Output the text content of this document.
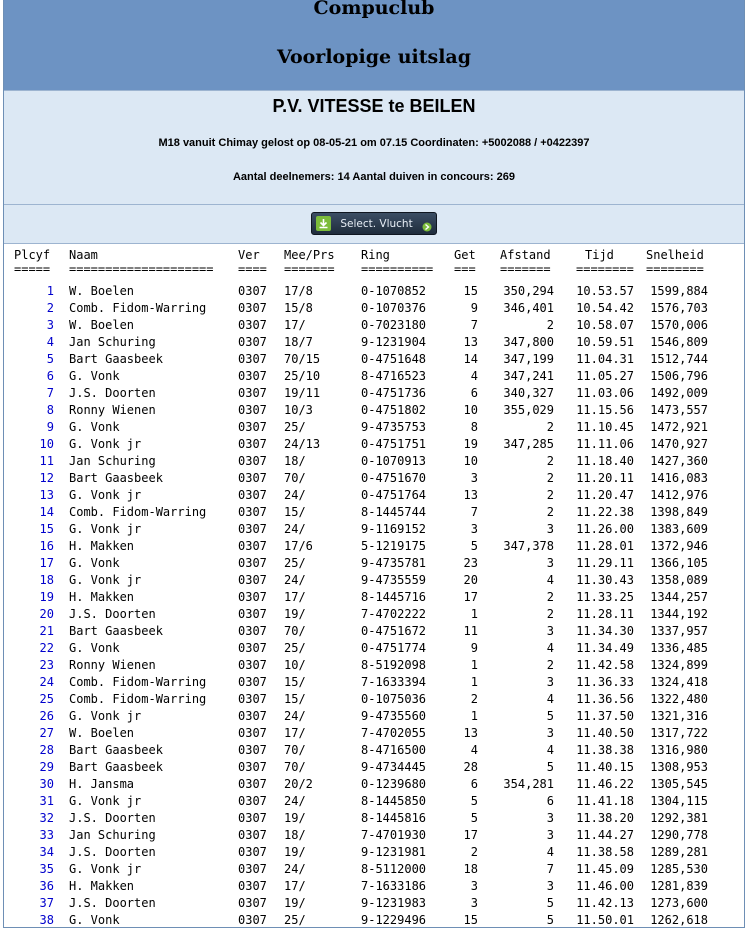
Compuclub
Voorlopige uitslag
P.V. VITESSE te BEILEN
M18 vanuit Chimay gelost op 08-05-21 om 07.15 Coordinaten: +5002088 / +0422397
Aantal deelnemers: 14 Aantal duiven in concours: 269
Select. Vlucht
Plcyf Naam	Ver Mee/Prs Ring	Get Afstand	Tijd	Snelheid
===== ==================== ==== ======= ========== === ======= ======== ========
1 W. Boelen	0307 17/8	0-1070852	15	350,294	10.53.57	1599,884
2 Comb. Fidom-Warring	0307 15/8	0-1070376	9	346,401	10.54.42	1576,703
3 W. Boelen	0307 17/	0-7023180	7	2	10.58.07	1570,006
4 Jan Schuring	0307 18/7	9-1231904	13	347,800	10.59.51	1546,809
5 Bart Gaasbeek	0307 70/15	0-4751648	14	347,199	11.04.31	1512,744
6 G. Vonk	0307 25/10	8-4716523	4	347,241	11.05.27	1506,796
7 J.S. Doorten	0307 19/11	0-4751736	6	340,327	11.03.06	1492,009
8 Ronny Wienen	0307 10/3	0-4751802	10	355,029	11.15.56	1473,557
9 G. Vonk	0307 25/	9-4735753	8	2	11.10.45	1472,921
10 G. Vonk jr	0307 24/13	0-4751751	19	347,285	11.11.06	1470,927
11 Jan Schuring	0307 18/	0-1070913	10	2	11.18.40	1427,360
12 Bart Gaasbeek	0307 70/	0-4751670	3	2	11.20.11	1416,083
13 G. Vonk jr	0307 24/	0-4751764	13	2	11.20.47	1412,976
14 Comb. Fidom-Warring	0307 15/	8-1445744	7	2	11.22.38	1398,849
15 G. Vonk jr	0307 24/	9-1169152	3	3	11.26.00	1383,609
16 H. Makken	0307 17/6	5-1219175	5	347,378	11.28.01	1372,946
17 G. Vonk	0307 25/	9-4735781	23	3	11.29.11	1366,105
18 G. Vonk jr	0307 24/	9-4735559	20	4	11.30.43	1358,089
19 H. Makken	0307 17/	8-1445716	17	2	11.33.25	1344,257
20 J.S. Doorten	0307 19/	7-4702222	1	2	11.28.11	1344,192
21 Bart Gaasbeek	0307 70/	0-4751672	11	3	11.34.30	1337,957
22 G. Vonk	0307 25/	0-4751774	9	4	11.34.49	1336,485
23 Ronny Wienen	0307 10/	8-5192098	1	2	11.42.58	1324,899
24 Comb. Fidom-Warring	0307 15/	7-1633394	1	3	11.36.33	1324,418
25 Comb. Fidom-Warring	0307 15/	0-1075036	2	4	11.36.56	1322,480
26 G. Vonk jr	0307 24/	9-4735560	1	5	11.37.50	1321,316
27 W. Boelen	0307 17/	7-4702055	13	3	11.40.50	1317,722
28 Bart Gaasbeek	0307 70/	8-4716500	4	4	11.38.38	1316,980
29 Bart Gaasbeek	0307 70/	9-4734445	28	5	11.40.15	1308,953
30 H. Jansma	0307 20/2	0-1239680	6	354,281	11.46.22	1305,545
31 G. Vonk jr	0307 24/	8-1445850	5	6	11.41.18	1304,115
32 J.S. Doorten	0307 19/	8-1445816	5	3	11.38.20	1292,381
33 Jan Schuring	0307 18/	7-4701930	17	3	11.44.27	1290,778
34 J.S. Doorten	0307 19/	9-1231981	2	4	11.38.58	1289,281
35 G. Vonk jr	0307 24/	8-5112000	18	7	11.45.09	1285,530
36 H. Makken	0307 17/	7-1633186	3	3	11.46.00	1281,839
37 J.S. Doorten	0307 19/	9-1231983	3	5	11.42.13	1273,600
38 G. Vonk	0307 25/	9-1229496	15	5	11.50.01	1262,618
